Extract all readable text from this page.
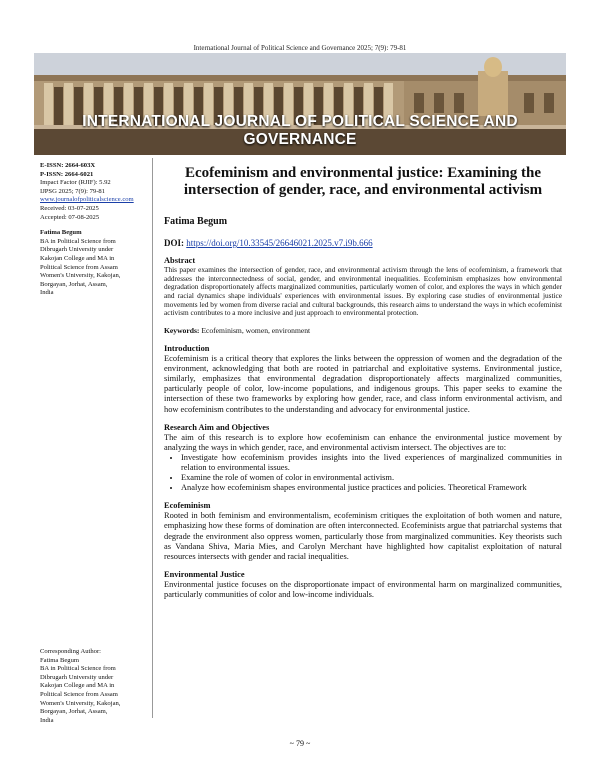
International Journal of Political Science and Governance 2025; 7(9): 79-81
INTERNATIONAL JOURNAL OF POLITICAL SCIENCE AND GOVERNANCE
E-ISSN: 2664-603X
P-ISSN: 2664-6021
Impact Factor (RJIF): 5.92
IJPSG 2025; 7(9): 79-81
www.journalofpoliticalscience.com
Received: 03-07-2025
Accepted: 07-08-2025
Fatima Begum
BA in Political Science from
Dibrugarh University under
Kakojan College and MA in
Political Science from Assam
Women's University, Kakojan,
Borgayan, Jorhat, Assam,
India
Corresponding Author:
Fatima Begum
BA in Political Science from
Dibrugarh University under
Kakojan College and MA in
Political Science from Assam
Women's University, Kakojan,
Borgayan, Jorhat, Assam,
India
Ecofeminism and environmental justice: Examining the intersection of gender, race, and environmental activism
Fatima Begum
DOI: https://doi.org/10.33545/26646021.2025.v7.i9b.666
Abstract
This paper examines the intersection of gender, race, and environmental activism through the lens of ecofeminism, a framework that addresses the interconnectedness of social, gender, and environmental inequalities. Ecofeminism emphasizes how environmental degradation disproportionately affects marginalized communities, particularly women of color, and explores the ways in which gender and racial dynamics shape individuals' experiences with environmental issues. By exploring case studies of environmental justice movements led by women from diverse racial and cultural backgrounds, this research aims to understand the ways in which ecofeminist activism contributes to a more inclusive and just approach to environmental protection.
Keywords: Ecofeminism, women, environment
Introduction
Ecofeminism is a critical theory that explores the links between the oppression of women and the degradation of the environment, acknowledging that both are rooted in patriarchal and exploitative systems. Environmental justice, similarly, emphasizes that environmental degradation disproportionately affects marginalized communities, particularly people of color, low-income populations, and indigenous groups. This paper seeks to examine the intersection of these two frameworks by exploring how gender, race, and class inform environmental activism, and how ecofeminism contributes to the understanding and advocacy for environmental justice.
Research Aim and Objectives
The aim of this research is to explore how ecofeminism can enhance the environmental justice movement by analyzing the ways in which gender, race, and environmental activism intersect. The objectives are to:
• Investigate how ecofeminism provides insights into the lived experiences of marginalized communities in relation to environmental issues.
• Examine the role of women of color in environmental activism.
• Analyze how ecofeminism shapes environmental justice practices and policies. Theoretical Framework
Ecofeminism
Rooted in both feminism and environmentalism, ecofeminism critiques the exploitation of both women and nature, emphasizing how these forms of domination are often interconnected. Ecofeminists argue that patriarchal systems that degrade the environment also oppress women, particularly those from marginalized communities. Key theorists such as Vandana Shiva, Maria Mies, and Carolyn Merchant have highlighted how capitalist exploitation of natural resources intersects with gender and racial inequalities.
Environmental Justice
Environmental justice focuses on the disproportionate impact of environmental harm on marginalized communities, particularly communities of color and low-income individuals.
~ 79 ~
